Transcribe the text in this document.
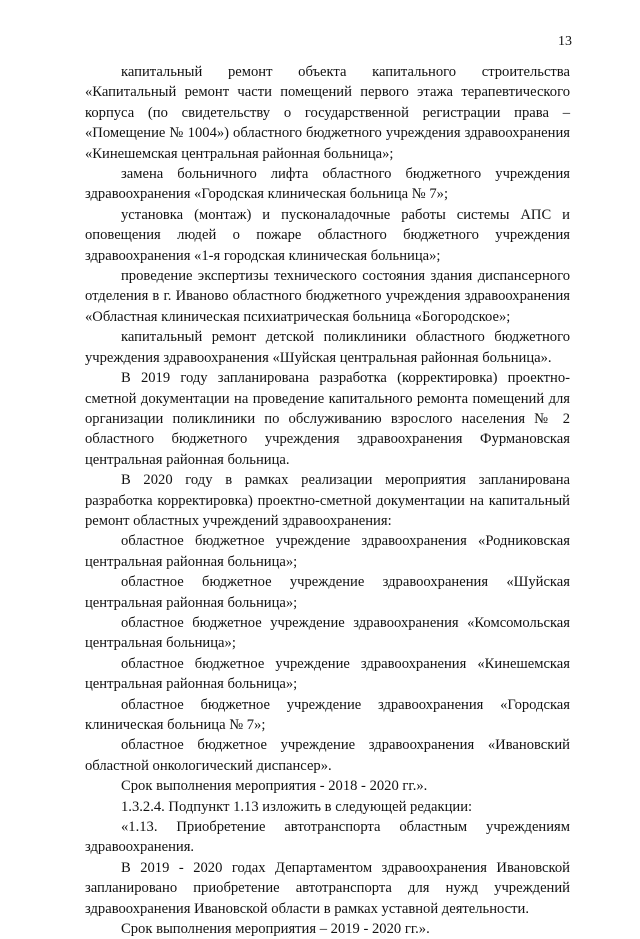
13

капитальный ремонт объекта капитального строительства «Капитальный ремонт части помещений первого этажа терапевтического корпуса (по свидетельству о государственной регистрации права – «Помещение № 1004») областного бюджетного учреждения здравоохранения «Кинешемская центральная районная больница»;

замена больничного лифта областного бюджетного учреждения здравоохранения «Городская клиническая больница № 7»;

установка (монтаж) и пусконаладочные работы системы АПС и оповещения людей о пожаре областного бюджетного учреждения здравоохранения «1-я городская клиническая больница»;

проведение экспертизы технического состояния здания диспансерного отделения в г. Иваново областного бюджетного учреждения здравоохранения «Областная клиническая психиатрическая больница «Богородское»;

капитальный ремонт детской поликлиники областного бюджетного учреждения здравоохранения «Шуйская центральная районная больница».

В 2019 году запланирована разработка (корректировка) проектно-сметной документации на проведение капитального ремонта помещений для организации поликлиники по обслуживанию взрослого населения № 2 областного бюджетного учреждения здравоохранения Фурмановская центральная районная больница.

В 2020 году в рамках реализации мероприятия запланирована разработка корректировка) проектно-сметной документации на капитальный ремонт областных учреждений здравоохранения:

областное бюджетное учреждение здравоохранения «Родниковская центральная районная больница»;

областное бюджетное учреждение здравоохранения «Шуйская центральная районная больница»;

областное бюджетное учреждение здравоохранения «Комсомольская центральная больница»;

областное бюджетное учреждение здравоохранения «Кинешемская центральная районная больница»;

областное бюджетное учреждение здравоохранения «Городская клиническая больница № 7»;

областное бюджетное учреждение здравоохранения «Ивановский областной онкологический диспансер».

Срок выполнения мероприятия - 2018 - 2020 гг.».

1.3.2.4. Подпункт 1.13 изложить в следующей редакции:

«1.13. Приобретение автотранспорта областным учреждениям здравоохранения.

В 2019 - 2020 годах Департаментом здравоохранения Ивановской запланировано приобретение автотранспорта для нужд учреждений здравоохранения Ивановской области в рамках уставной деятельности.

Срок выполнения мероприятия – 2019 - 2020 гг.».
